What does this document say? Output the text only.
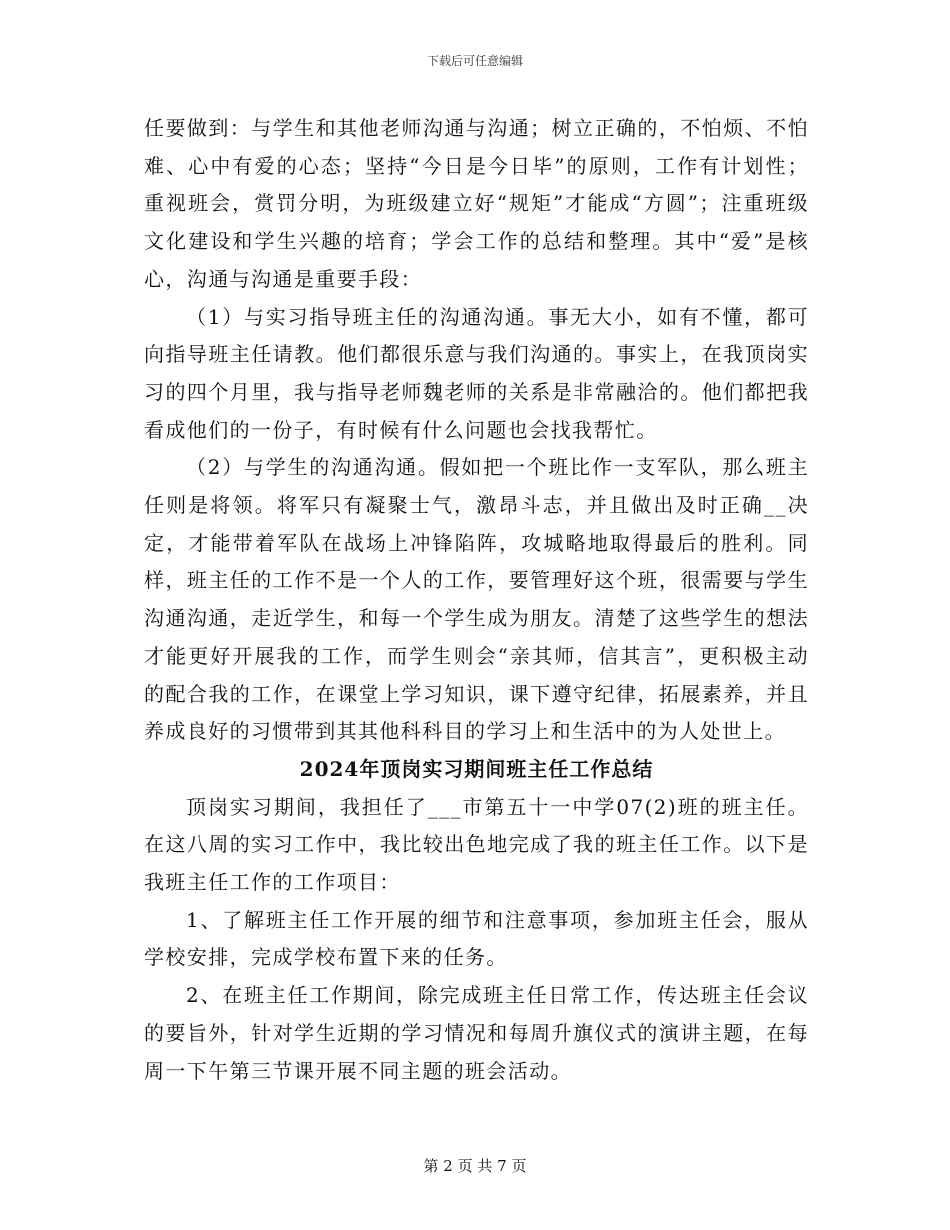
下载后可任意编辑

任要做到：与学生和其他老师沟通与沟通；树立正确的，不怕烦、不怕难、心中有爱的心态；坚持“今日是今日毕”的原则，工作有计划性；重视班会，赏罚分明，为班级建立好“规矩”才能成“方圆”；注重班级文化建设和学生兴趣的培育；学会工作的总结和整理。其中“爱”是核心，沟通与沟通是重要手段：

（1）与实习指导班主任的沟通沟通。事无大小，如有不懂，都可向指导班主任请教。他们都很乐意与我们沟通的。事实上，在我顶岗实习的四个月里，我与指导老师魏老师的关系是非常融洽的。他们都把我看成他们的一份子，有时候有什么问题也会找我帮忙。

（2）与学生的沟通沟通。假如把一个班比作一支军队，那么班主任则是将领。将军只有凝聚士气，激昂斗志，并且做出及时正确__决定，才能带着军队在战场上冲锋陷阵，攻城略地取得最后的胜利。同样，班主任的工作不是一个人的工作，要管理好这个班，很需要与学生沟通沟通，走近学生，和每一个学生成为朋友。清楚了这些学生的想法才能更好开展我的工作，而学生则会“亲其师，信其言”，更积极主动的配合我的工作，在课堂上学习知识，课下遵守纪律，拓展素养，并且养成良好的习惯带到其其他科科目的学习上和生活中的为人处世上。

2024年顶岗实习期间班主任工作总结

顶岗实习期间，我担任了___市第五十一中学07(2)班的班主任。在这八周的实习工作中，我比较出色地完成了我的班主任工作。以下是我班主任工作的工作项目：

1、了解班主任工作开展的细节和注意事项，参加班主任会，服从学校安排，完成学校布置下来的任务。

2、在班主任工作期间，除完成班主任日常工作，传达班主任会议的要旨外，针对学生近期的学习情况和每周升旗仪式的演讲主题，在每周一下午第三节课开展不同主题的班会活动。

第 2 页 共 7 页
